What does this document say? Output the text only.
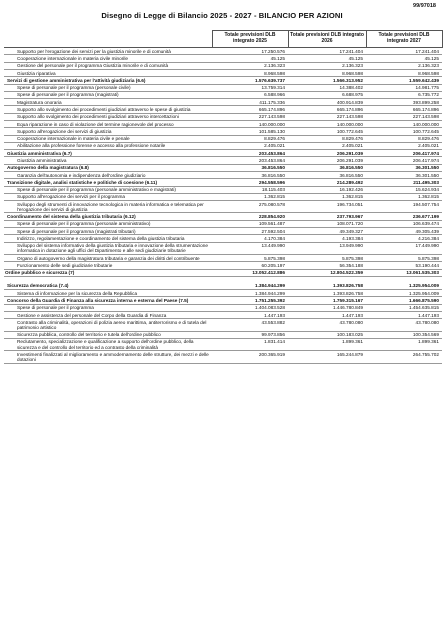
99/97018
Disegno di Legge di Bilancio 2025 - 2027 - BILANCIO PER AZIONI
	Totale previsioni DLB integrato 2025	Totale previsioni DLB integrato 2026	Totale previsioni DLB integrato 2027
Supporto per l'erogazione dei servizi per la giustizia minorile e di comunità	17.250.576	17.241.404	17.241.404
Cooperazione internazionale in materia civile minorile	45.125	45.125	45.125
Gestione del personale per il programma Giustizia minorile e di comunità	2.136.323	2.136.323	2.136.323
Giustizia riparativa	8.968.598	8.968.598	8.968.598
Servizi di gestione amministrativa per l'attività giudiziaria (6.6)	1.576.639.737	1.566.313.952	1.559.642.439
Spese di personale per il programma (personale civile)	13.759.314	14.388.402	14.981.775
Spese di personale per il programma (magistrati)	6.588.966	6.688.975	6.735.772
Magistratura onoraria	411.175.336	400.914.839	393.899.258
Supporto allo svolgimento dei procedimenti giudiziari attraverso le spese di giustizia	665.174.896	665.174.896	665.174.896
Supporto allo svolgimento dei procedimenti giudiziari attraverso intercettazioni	227.143.598	227.143.598	227.143.598
Equa riparazione in caso di violazione del termine ragionevole del processo	140.000.000	140.000.000	140.000.000
Supporto all'erogazione dei servizi di giustizia	101.585.130	100.772.645	100.772.645
Cooperazione internazionale in materia civile e penale	8.829.476	8.829.476	8.829.476
Abilitazione alla professione forense e accesso alla professione notarile	2.405.021	2.405.021	2.405.021
Giustizia amministrativa (6.7)	203.453.864	206.291.039	206.417.974
Giustizia amministrativa	203.453.864	206.291.039	206.417.974
Autogoverno della magistratura (6.8)	36.816.550	36.816.550	36.301.550
Garanzia dell'autonomia e indipendenza dell'ordine giudiziario	36.816.550	36.816.550	36.301.550
Transizione digitale, analisi statistiche e politiche di coesione (6.11)	294.558.596	214.289.492	211.495.303
Spese di personale per il programma (personale amministrativo e magistrati)	18.115.403	16.192.426	15.624.934
Supporto all'erogazione dei servizi per il programma	1.362.815	1.362.815	1.362.815
Sviluppo degli strumenti di innovazione tecnologica in materia informatica e telematica per l'erogazione dei servizi di giustizia	275.080.578	196.734.051	194.507.754
Coordinamento del sistema della giustizia tributaria (6.12)	228.854.920	237.793.967	236.677.199
Spese di personale per il programma (personale amministrativo)	109.561.487	108.071.720	106.639.474
Spese di personale per il programma (magistrati tributari)	27.592.504	49.349.327	49.305.439
Indirizzo, regolamentazione e coordinamento del sistema della giustizia tributaria	4.170.384	4.193.384	4.216.384
Sviluppo del sistema informativo della giustizia tributaria e innovazione della strumentazione informatica in dotazione agli uffici del Dipartimento e alle sedi giudiziarie tributarie	13.449.990	13.949.990	17.449.990
Organo di autogoverno della magistratura tributaria e garanzia dei diritti del contribuente	5.875.398	5.875.398	5.875.398
Funzionamento delle sedi giudiziarie tributarie	60.205.197	56.354.188	53.190.444
Ordine pubblico e sicurezza (7)	13.052.412.886	12.804.522.359	13.061.535.303

Sicurezza democratica (7.4)	1.384.944.299	1.393.826.758	1.325.954.009
Sistema di informazione per la sicurezza della Repubblica	1.384.944.299	1.393.826.758	1.325.954.009
Concorso della Guardia di Finanza alla sicurezza interna e esterna del Paese (7.5)	1.751.255.392	1.759.315.167	1.666.875.590
Spese di personale per il programma	1.404.083.528	1.446.780.849	1.454.635.815
Gestione e assistenza del personale del Corpo della Guardia di Finanza	1.447.193	1.447.193	1.447.193
Contrasto alla criminalità, operazioni di polizia aereo marittima, antiterrorismo e di tutela del patrimonio artistico	43.553.882	43.780.080	43.780.080
Sicurezza pubblica, controllo del territorio e tutela dell'ordine pubblico	99.973.856	100.183.025	100.354.569
Reclutamento, specializzazione e qualificazione a supporto dell'ordine pubblico, della sicurezza e del controllo del territorio ed a contrasto della criminalità	1.831.414	1.899.361	1.899.361
Investimenti finalizzati al miglioramento e ammodernamento delle strutture, dei mezzi e delle dotazioni	200.365.919	165.244.879	264.755.702
